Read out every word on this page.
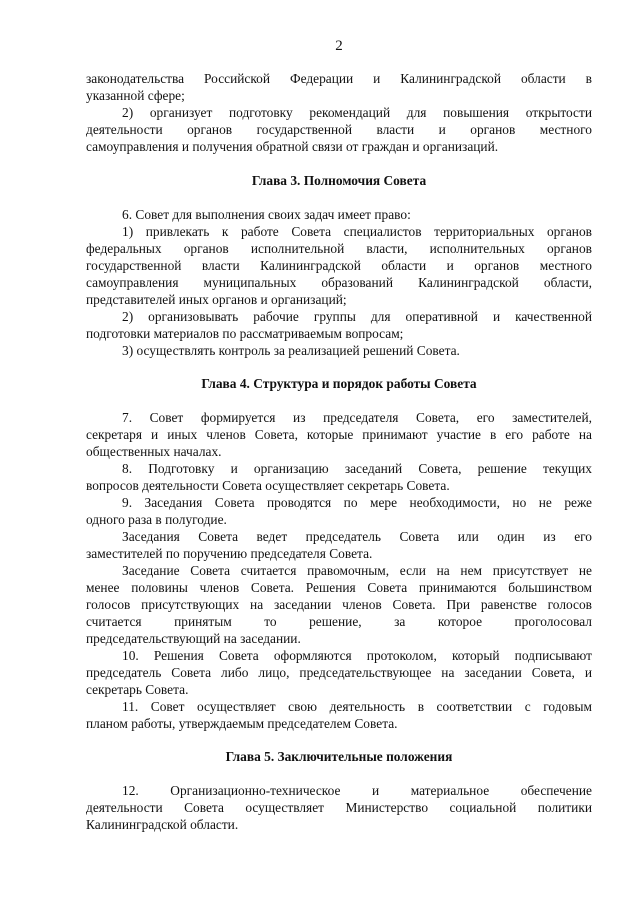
2
законодательства Российской Федерации и Калининградской области в
указанной сфере;
2) организует подготовку рекомендаций для повышения открытости
деятельности органов государственной власти и органов местного
самоуправления и получения обратной связи от граждан и организаций.
Глава 3. Полномочия Совета
6. Совет для выполнения своих задач имеет право:
1) привлекать к работе Совета специалистов территориальных органов
федеральных органов исполнительной власти, исполнительных органов
государственной власти Калининградской области и органов местного
самоуправления муниципальных образований Калининградской области,
представителей иных органов и организаций;
2) организовывать рабочие группы для оперативной и качественной
подготовки материалов по рассматриваемым вопросам;
3) осуществлять контроль за реализацией решений Совета.
Глава 4. Структура и порядок работы Совета
7. Совет формируется из председателя Совета, его заместителей,
секретаря и иных членов Совета, которые принимают участие в его работе на
общественных началах.
8. Подготовку и организацию заседаний Совета, решение текущих
вопросов деятельности Совета осуществляет секретарь Совета.
9. Заседания Совета проводятся по мере необходимости, но не реже
одного раза в полугодие.
Заседания Совета ведет председатель Совета или один из его
заместителей по поручению председателя Совета.
Заседание Совета считается правомочным, если на нем присутствует не
менее половины членов Совета. Решения Совета принимаются большинством
голосов присутствующих на заседании членов Совета. При равенстве голосов
считается принятым то решение, за которое проголосовал
председательствующий на заседании.
10. Решения Совета оформляются протоколом, который подписывают
председатель Совета либо лицо, председательствующее на заседании Совета, и
секретарь Совета.
11. Совет осуществляет свою деятельность в соответствии с годовым
планом работы, утверждаемым председателем Совета.
Глава 5. Заключительные положения
12. Организационно-техническое и материальное обеспечение
деятельности Совета осуществляет Министерство социальной политики
Калининградской области.
